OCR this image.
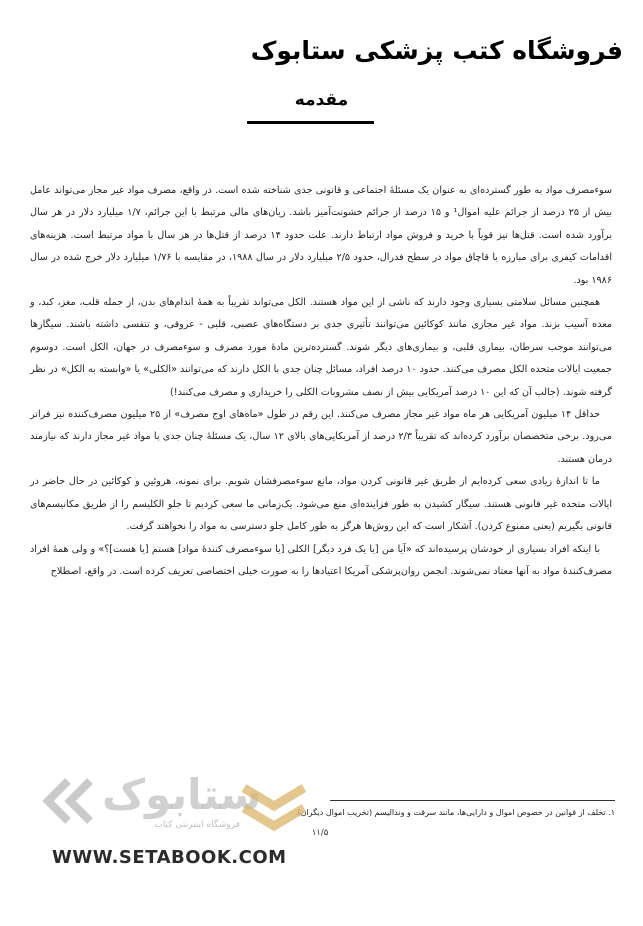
فروشگاه کتب پزشکی ستابوک
مقدمه

سوءمصرف مواد به طور گسترده‌ای به عنوان یک مسئلهٔ اجتماعی و قانونی جدی شناخته شده است. در واقع، مصرف مواد غیر مجاز می‌تواند عامل بیش از ۲۵ درصد از جرائم علیه اموال¹ و ۱۵ درصد از جرائم خشونت‌آمیز باشد. زیان‌های مالی مرتبط با این جرائم، ۱/۷ میلیارد دلار در هر سال برآورد شده است. قتل‌ها نیز قویاً با خرید و فروش مواد ارتباط دارند. علت حدود ۱۴ درصد از قتل‌ها در هر سال با مواد مرتبط است. هزینه‌های اقدامات کیفری برای مبارزه با قاچاق مواد در سطح فدرال، حدود ۲/۵ میلیارد دلار در سال ۱۹۸۸، در مقایسه با ۱/۷۶ میلیارد دلار خرج شده در سال ۱۹۸۶ بود.

همچنین مسائل سلامتی بسیاری وجود دارند که ناشی از این مواد هستند. الکل می‌تواند تقریباً به همهٔ اندام‌های بدن، از جمله قلب، مغز، کبد، و معده آسیب بزند. مواد غیر مجازی مانند کوکائین می‌توانند تأثیری جدی بر دستگاه‌های عصبی، قلبی - عروقی، و تنفسی داشته باشند. سیگارها می‌توانند موجب سرطان، بیماری قلبی، و بیماری‌های دیگر شوند. گسترده‌ترین مادهٔ مورد مصرف و سوءمصرف در جهان، الکل است. دوسوم جمعیت ایالات متحده الکل مصرف می‌کنند. حدود ۱۰ درصد افراد، مسائل چنان جدی با الکل دارند که می‌توانند «الکلی» یا «وابسته به الکل» در نظر گرفته شوند. (جالب آن که این ۱۰ درصد آمریکایی بیش از نصف مشروبات الکلی را خریداری و مصرف می‌کنند!)

حداقل ۱۴ میلیون آمریکایی هر ماه مواد غیر مجاز مصرف می‌کنند. این رقم در طول «ماه‌های اوج مصرف» از ۲۵ میلیون مصرف‌کننده نیز فراتر می‌رود. برخی متخصصان برآورد کرده‌اند که تقریباً ۲/۳ درصد از آمریکایی‌های بالای ۱۲ سال، یک مسئلهٔ چنان جدی با مواد غیر مجاز دارند که نیازمند درمان هستند.

ما تا اندازهٔ زیادی سعی کرده‌ایم از طریق غیر قانونی کردن مواد، مانع سوءمصرفشان شویم. برای نمونه، هروئین و کوکائین در حال حاضر در ایالات متحده غیر قانونی هستند. سیگار کشیدن به طور فزاینده‌ای منع می‌شود. یک‌زمانی ما سعی کردیم تا جلو الکلیسم را از طریق مکانیسم‌های قانونی بگیریم (یعنی ممنوع کردن). آشکار است که این روش‌ها هرگز به طور کامل جلو دسترسی به مواد را نخواهند گرفت.

با اینکه افراد بسیاری از خودشان پرسیده‌اند که «آیا من [یا یک فرد دیگر] الکلی [یا سوءمصرف کنندهٔ مواد] هستم [یا هست]؟» و ولی همهٔ افراد مصرف‌کنندهٔ مواد به آنها معتاد نمی‌شوند. انجمن روان‌پزشکی آمریکا اعتیادها را به صورت خیلی اختصاصی تعریف کرده است. در واقع، اصطلاح

۱. تخلف از قوانین در خصوص اموال و دارایی‌ها، مانند سرقت و وندالیسم (تخریب اموال دیگران).
۱۱/۵
ستابوک
فروشگاه اینترنتی کتاب
WWW.SETABOOK.COM
